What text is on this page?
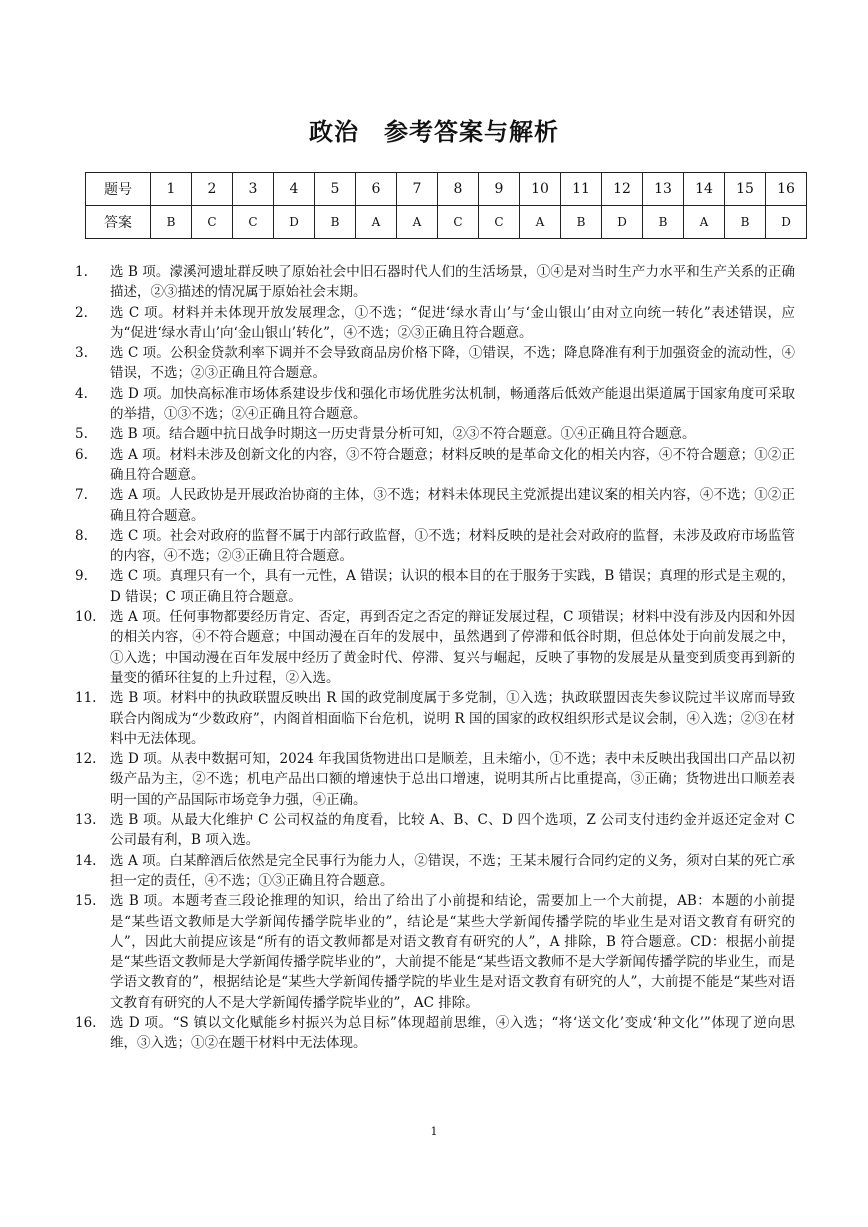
政治　参考答案与解析
题号	1	2	3	4	5	6	7	8	9	10	11	12	13	14	15	16
答案	B	C	C	D	B	A	A	C	C	A	B	D	B	A	B	D
1.	选 B 项。濛溪河遗址群反映了原始社会中旧石器时代人们的生活场景，①④是对当时生产力水平和生产关系的正确描述，②③描述的情况属于原始社会末期。
2.	选 C 项。材料并未体现开放发展理念，①不选；“促进‘绿水青山’与‘金山银山’由对立向统一转化”表述错误，应为“促进‘绿水青山’向‘金山银山’转化”，④不选；②③正确且符合题意。
3.	选 C 项。公积金贷款利率下调并不会导致商品房价格下降，①错误，不选；降息降准有利于加强资金的流动性，④错误，不选；②③正确且符合题意。
4.	选 D 项。加快高标准市场体系建设步伐和强化市场优胜劣汰机制，畅通落后低效产能退出渠道属于国家角度可采取的举措，①③不选；②④正确且符合题意。
5.	选 B 项。结合题中抗日战争时期这一历史背景分析可知，②③不符合题意。①④正确且符合题意。
6.	选 A 项。材料未涉及创新文化的内容，③不符合题意；材料反映的是革命文化的相关内容，④不符合题意；①②正确且符合题意。
7.	选 A 项。人民政协是开展政治协商的主体，③不选；材料未体现民主党派提出建议案的相关内容，④不选；①②正确且符合题意。
8.	选 C 项。社会对政府的监督不属于内部行政监督，①不选；材料反映的是社会对政府的监督，未涉及政府市场监管的内容，④不选；②③正确且符合题意。
9.	选 C 项。真理只有一个，具有一元性，A 错误；认识的根本目的在于服务于实践，B 错误；真理的形式是主观的，D 错误；C 项正确且符合题意。
10.	选 A 项。任何事物都要经历肯定、否定，再到否定之否定的辩证发展过程，C 项错误；材料中没有涉及内因和外因的相关内容，④不符合题意；中国动漫在百年的发展中，虽然遇到了停滞和低谷时期，但总体处于向前发展之中，①入选；中国动漫在百年发展中经历了黄金时代、停滞、复兴与崛起，反映了事物的发展是从量变到质变再到新的量变的循环往复的上升过程，②入选。
11.	选 B 项。材料中的执政联盟反映出 R 国的政党制度属于多党制，①入选；执政联盟因丧失参议院过半议席而导致联合内阁成为“少数政府”，内阁首相面临下台危机，说明 R 国的国家的政权组织形式是议会制，④入选；②③在材料中无法体现。
12.	选 D 项。从表中数据可知，2024 年我国货物进出口是顺差，且未缩小，①不选；表中未反映出我国出口产品以初级产品为主，②不选；机电产品出口额的增速快于总出口增速，说明其所占比重提高，③正确；货物进出口顺差表明一国的产品国际市场竞争力强，④正确。
13.	选 B 项。从最大化维护 C 公司权益的角度看，比较 A、B、C、D 四个选项，Z 公司支付违约金并返还定金对 C 公司最有利，B 项入选。
14.	选 A 项。白某醉酒后依然是完全民事行为能力人，②错误，不选；王某未履行合同约定的义务，须对白某的死亡承担一定的责任，④不选；①③正确且符合题意。
15.	选 B 项。本题考查三段论推理的知识，给出了给出了小前提和结论，需要加上一个大前提，AB：本题的小前提是“某些语文教师是大学新闻传播学院毕业的”，结论是“某些大学新闻传播学院的毕业生是对语文教育有研究的人”，因此大前提应该是“所有的语文教师都是对语文教育有研究的人”，A 排除，B 符合题意。CD：根据小前提是“某些语文教师是大学新闻传播学院毕业的”，大前提不能是“某些语文教师不是大学新闻传播学院的毕业生，而是学语文教育的”，根据结论是“某些大学新闻传播学院的毕业生是对语文教育有研究的人”，大前提不能是“某些对语文教育有研究的人不是大学新闻传播学院毕业的”，AC 排除。
16.	选 D 项。“S 镇以文化赋能乡村振兴为总目标”体现超前思维，④入选；“将‘送文化’变成‘种文化’”体现了逆向思维，③入选；①②在题干材料中无法体现。
1
